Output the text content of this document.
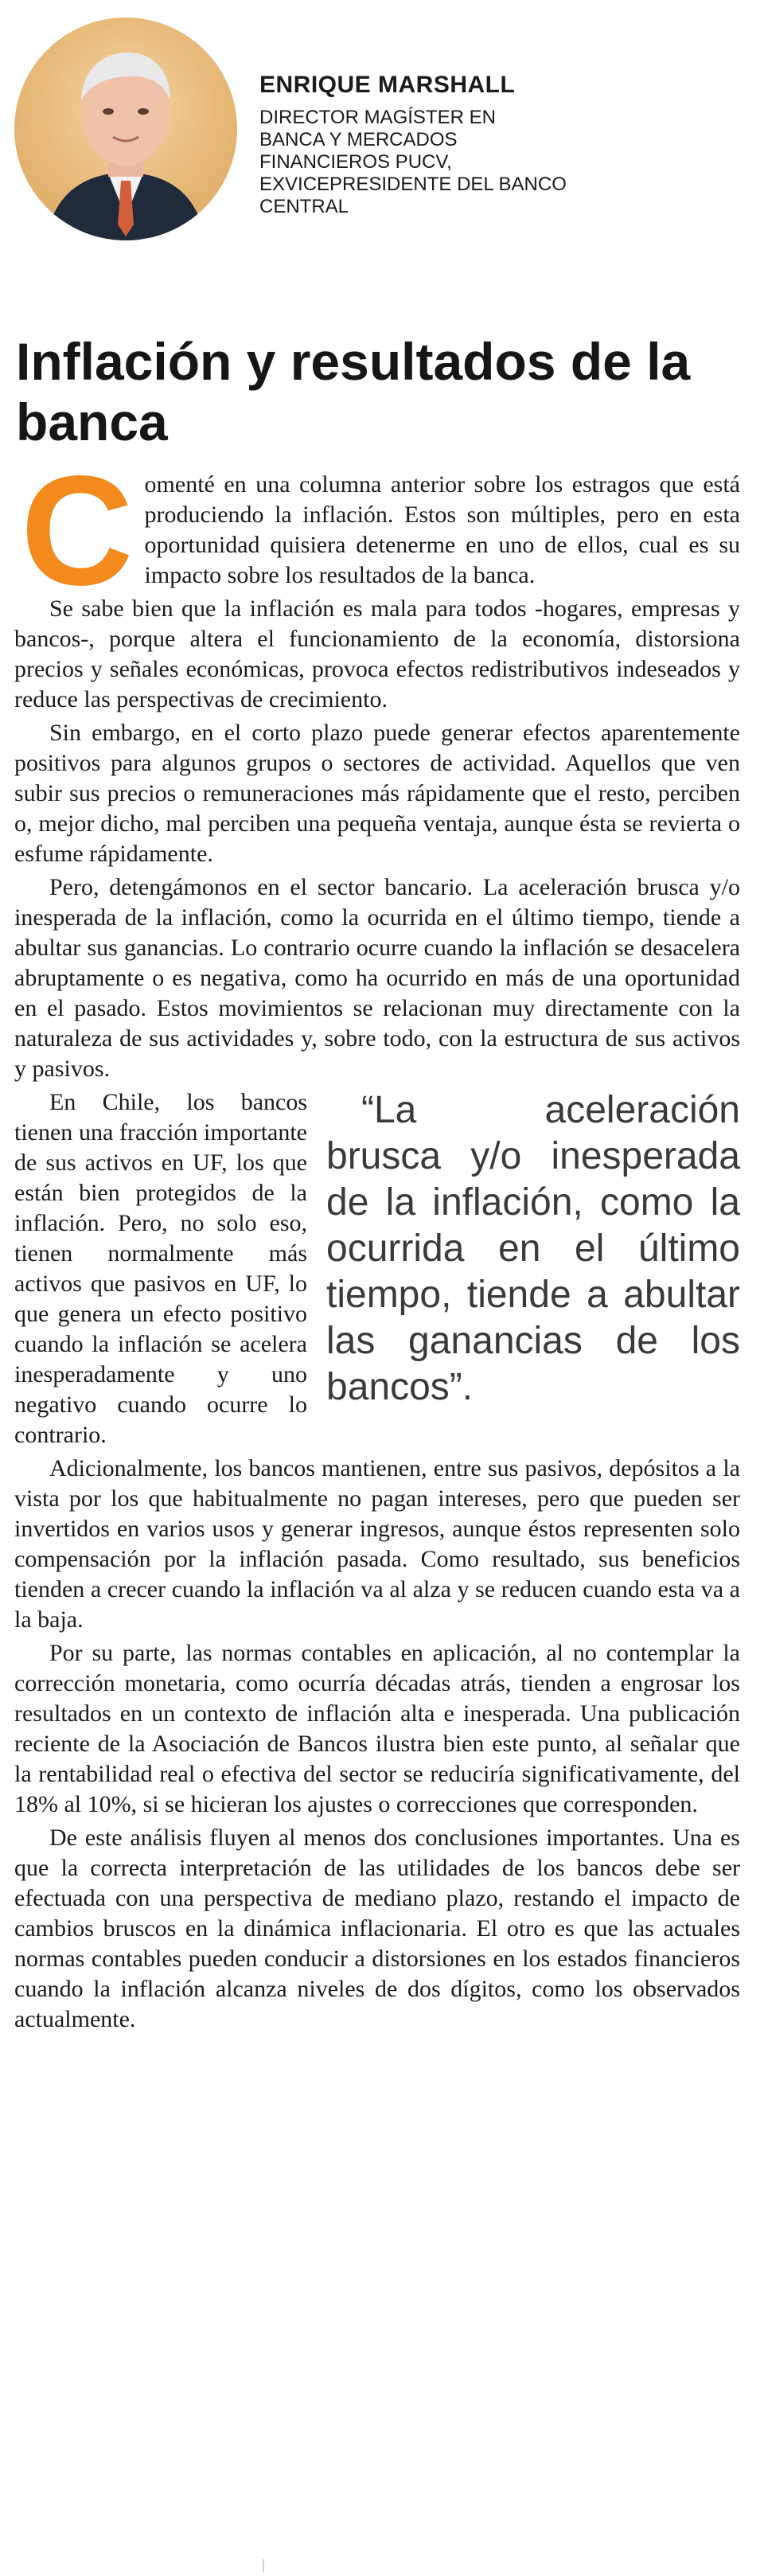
ENRIQUE MARSHALL
DIRECTOR MAGÍSTER EN
BANCA Y MERCADOS
FINANCIEROS PUCV,
EXVICEPRESIDENTE DEL BANCO
CENTRAL
Inflación y resultados de la banca

C omenté en una columna anterior sobre los estragos que está produciendo la inflación. Estos son múltiples, pero en esta oportunidad quisiera detenerme en uno de ellos, cual es su impacto sobre los resultados de la banca.

Se sabe bien que la inflación es mala para todos -hogares, empresas y bancos-, porque altera el funcionamiento de la economía, distorsiona precios y señales económicas, provoca efectos redistributivos indeseados y reduce las perspectivas de crecimiento.

Sin embargo, en el corto plazo puede generar efectos aparentemente positivos para algunos grupos o sectores de actividad. Aquellos que ven subir sus precios o remuneraciones más rápidamente que el resto, perciben o, mejor dicho, mal perciben una pequeña ventaja, aunque ésta se revierta o esfume rápidamente.

Pero, detengámonos en el sector bancario. La aceleración brusca y/o inesperada de la inflación, como la ocurrida en el último tiempo, tiende a abultar sus ganancias. Lo contrario ocurre cuando la inflación se desacelera abruptamente o es negativa, como ha ocurrido en más de una oportunidad en el pasado. Estos movimientos se relacionan muy directamente con la naturaleza de sus actividades y, sobre todo, con la estructura de sus activos y pasivos.

“La aceleración brusca y/o inesperada de la inflación, como la ocurrida en el último tiempo, tiende a abultar las ganancias de los bancos”.
En Chile, los bancos tienen una fracción importante de sus activos en UF, los que están bien protegidos de la inflación. Pero, no solo eso, tienen normalmente más activos que pasivos en UF, lo que genera un efecto positivo cuando la inflación se acelera inesperadamente y uno negativo cuando ocurre lo contrario.

Adicionalmente, los bancos mantienen, entre sus pasivos, depósitos a la vista por los que habitualmente no pagan intereses, pero que pueden ser invertidos en varios usos y generar ingresos, aunque éstos representen solo compensación por la inflación pasada. Como resultado, sus beneficios tienden a crecer cuando la inflación va al alza y se reducen cuando esta va a la baja.

Por su parte, las normas contables en aplicación, al no contemplar la corrección monetaria, como ocurría décadas atrás, tienden a engrosar los resultados en un contexto de inflación alta e inesperada. Una publicación reciente de la Asociación de Bancos ilustra bien este punto, al señalar que la rentabilidad real o efectiva del sector se reduciría significativamente, del 18% al 10%, si se hicieran los ajustes o correcciones que corresponden.

De este análisis fluyen al menos dos conclusiones importantes. Una es que la correcta interpretación de las utilidades de los bancos debe ser efectuada con una perspectiva de mediano plazo, restando el impacto de cambios bruscos en la dinámica inflacionaria. El otro es que las actuales normas contables pueden conducir a distorsiones en los estados financieros cuando la inflación alcanza niveles de dos dígitos, como los observados actualmente.
